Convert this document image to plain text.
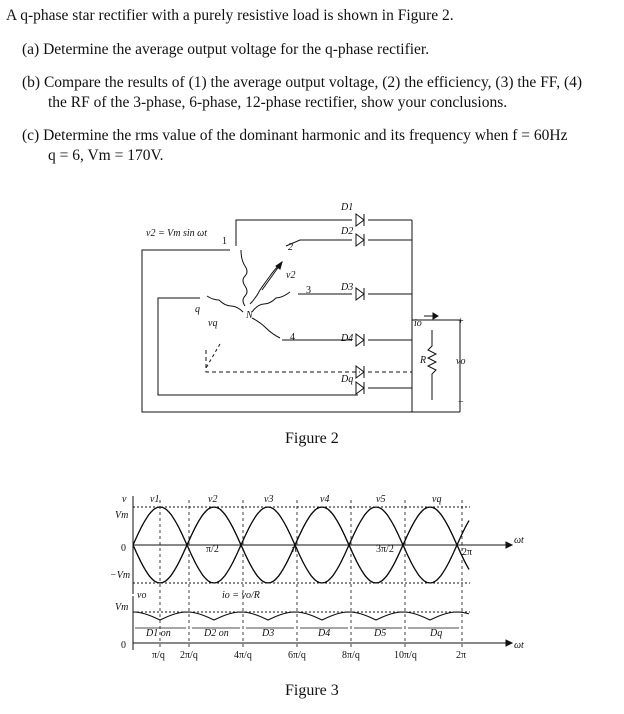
A q-phase star rectifier with a purely resistive load is shown in Figure 2.
(a) Determine the average output voltage for the q-phase rectifier.
(b) Compare the results of (1) the average output voltage, (2) the efficiency, (3) the FF, (4)
the RF of the 3-phase, 6-phase, 12-phase rectifier, show your conclusions.
(c) Determine the rms value of the dominant harmonic and its frequency when f = 60Hz
q = 6, Vm = 170V.
v2 = Vm sin ωt
1
2
3
4
q
N
v2
vq
D1
D2
D3
D4
Dq
io
R	vo
+
−
v
Vm
0
−Vm
v1	v2	v3	v4	v5	vq
π/2	π	3π/2	2π
ωt
vo
Vm
0
io = vo/R
D1 on	D2 on	D3	D4	D5	Dq
π/q 2π/q	4π/q	6π/q	8π/q	10π/q	2π
ωt
Figure 2
Figure 3
